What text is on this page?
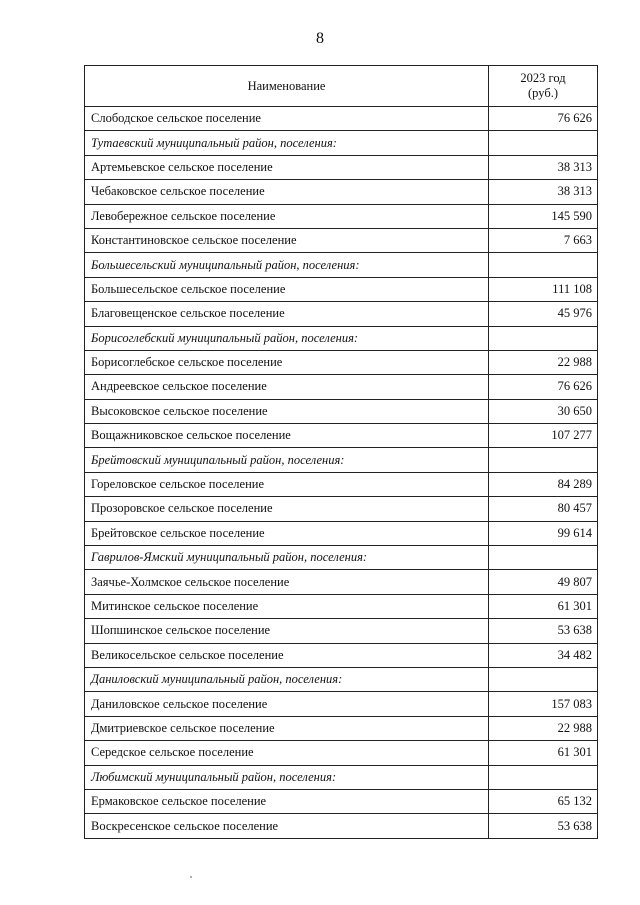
8
Наименование	2023 год
(руб.)

Слободское сельское поселение	76 626
Тутаевский муниципальный район, поселения:	
Артемьевское сельское поселение	38 313
Чебаковское сельское поселение	38 313
Левобережное сельское поселение	145 590
Константиновское сельское поселение	7 663
Большесельский муниципальный район, поселения:	
Большесельское сельское поселение	111 108
Благовещенское сельское поселение	45 976
Борисоглебский муниципальный район, поселения:	
Борисоглебское сельское поселение	22 988
Андреевское сельское поселение	76 626
Высоковское сельское поселение	30 650
Вощажниковское сельское поселение	107 277
Брейтовский муниципальный район, поселения:	
Гореловское сельское поселение	84 289
Прозоровское сельское поселение	80 457
Брейтовское сельское поселение	99 614
Гаврилов-Ямский муниципальный район, поселения:	
Заячье-Холмское сельское поселение	49 807
Митинское сельское поселение	61 301
Шопшинское сельское поселение	53 638
Великосельское сельское поселение	34 482
Даниловский муниципальный район, поселения:	
Даниловское сельское поселение	157 083
Дмитриевское сельское поселение	22 988
Середское сельское поселение	61 301
Любимский муниципальный район, поселения:	
Ермаковское сельское поселение	65 132
Воскресенское сельское поселение	53 638
